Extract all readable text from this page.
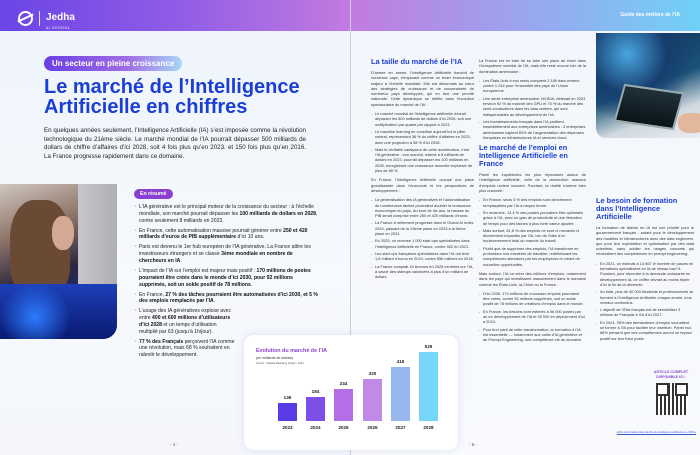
Jedha
AI SCHOOL
Un secteur en pleine croissance
Le marché de l’Intelligence Artificielle en chiffres

En quelques années seulement, l’Intelligence Artificielle (IA) s’est imposée comme la révolution technologique du 21ème siècle. Le marché mondial de l’IA pourrait dépasser 500 milliards de dollars de chiffre d’affaires d’ici 2028, soit 4 fois plus qu’en 2023. et 150 fois plus qu’en 2016. La France progresse rapidement dans ce domaine.

En résumé
· L’IA générative est le principal moteur de la croissance du secteur : à l’échelle mondiale, son marché pourrait dépasser les 100 milliards de dollars en 2028, contre seulement 8 milliards en 2023.
· En France, cette automatisation massive pourrait générer entre 250 et 420 milliards d’euros de PIB supplémentaire d’ici 10 ans.
· Paris est devenu le 1er hub européen de l’IA générative. La France attire les investisseurs étrangers et se classe 3ème mondiale en nombre de chercheurs en IA.
· L’impact de l’IA sur l’emploi est majeur mais positif : 170 millions de postes pourraient être créés dans le monde d’ici 2030, pour 92 millions supprimés, soit un solde positif de 78 millions.
· En France, 27 % des tâches pourraient être automatisées d’ici 2030, et 5 % des emplois remplacés par l’IA.
· L’usage des IA génératives explose avec entre 400 et 600 millions d’utilisateurs d’ici 2028 et un temps d’utilisation multiplié par 63 (jusqu’à 1h/jour).
· 77 % des Français perçoivent l’IA comme une révolution, mais 68 % souhaitent en ralentir le développement.
- 4 -
Guide des métiers de l’IA
La taille du marché de l’IA

D’année en année, l’Intelligence Artificielle franchit de nouveaux caps, s’imposant comme un levier économique majeur à l’échelle mondiale. Elle est désormais au cœur des stratégies de croissance et de souveraineté de nombreux pays développés, qui en font une priorité nationale. Cette dynamique se reflète dans l’évolution spectaculaire du marché de l’IA :

- Le marché mondial de l’intelligence artificielle devrait dépasser les 500 milliards de dollars d’ici 2028, soit une multiplication par quatre par rapport à 2023.
- Le machine learning en constitue aujourd’hui le pilier central, représentant 38 % du chiffre d’affaires en 2023, avec une projection à 58 % d’ici 2028.
- Mais le véritable catalyseur de cette accélération, c’est l’IA générative : son marché, estimé à 8 milliards de dollars en 2023, pourrait dépasser les 100 milliards en 2028, enregistrant une croissance annuelle explosive de plus de 65 %.

En France, l’Intelligence Artificielle occupe une place grandissante dans l’économie et les perspectives de développement :

- La généralisation des IA génératives et l’automatisation de nombreuses tâches pourraient doubler la croissance économique du pays. Au bout de dix ans, la hausse du PIB serait comprise entre 250 et 420 milliards d’euros.
- La France a nettement progressé dans le Global AI Index 2024, passant de la 13ème place en 2023 à la 5ème place en 2024.
- En 2025, on recense 1 000 start-ups spécialisées dans l’Intelligence Artificielle en France, contre 502 en 2021.
- Les start-ups françaises spécialisées dans l’IA ont levé 1,6 milliard d’euros en 2024, contre 556 millions en 2018.
- La France comptait 16 licornes en 2025 centrées sur l’IA, à savoir des startups valorisées à plus d’un milliard de dollars.

La France est en train de se faire une place de choix dans l’écosystème mondial de l’IA, mais elle reste encore loin de la domination américaine :

- Les États-Unis à eux seuls comptent 2 189 data centers contre 1 244 pour l’ensemble des pays de l’Union européenne.
- Une seule entreprise américaine, NVIDIA, détenait en 2023 environ 92 % du marché des GPU et 75 % du marché des semi-conducteurs dans les data centers, qui sont indispensables au développement de l’IA.
- Les investissements français dans l’IA profitent essentiellement aux entreprises américaines : 3 entreprises américaines captent 83% de l’augmentation des dépenses françaises en infrastructures IA et services cloud.
Le marché de l’emploi en Intelligence Artificielle en France

Parmi les inquiétudes les plus répandues autour de l’intelligence artificielle, celle de la destruction massive d’emplois revient souvent. Pourtant, la réalité s’arrime bien plus nuancée :

- En France, seuls 5 % des emplois sont directement remplaçables par l’IA à moyen terme.
- En revanche, 13,4 % des postes pourraient être optimisés grâce à l’IA, avec un gain de productivité et une libération de temps pour des tâches à plus forte valeur ajoutée.
- Mais surtout, 81,6 % des emplois ne sont ni menacés ni directement impactés par l’IA, loin de l’idée d’un bouleversement total du marché du travail.
- Plutôt que de supprimer des emplois, l’IA transforme en profondeur nos manières de travailler, redéfinissant les compétences attendues par les employeurs et créant de nouvelles opportunités.

Mais surtout, l’IA va créer des millions d’emplois, notamment dans les pays qui investissent massivement dans le domaine comme les États-Unis, la Chine ou la France :

- D’ici 2030, 170 millions de nouveaux emplois pourraient être créés, contre 92 millions supprimés, soit un solde positif de 78 millions de créations d’emploi dans le monde.
- En France, les besoins sont estimés à 56 000 postes par an en développement de l’IA et 25 000 en déploiement d’ici à 2024.
- Pour tirer parti de cette transformation, la formation à l’IA est essentielle — notamment aux outils d’IA générative et au Prompt Engineering, une compétence clé du domaine.
Le besoin de formation dans l’Intelligence Artificielle

La formation de talents en IA est une priorité pour le gouvernement français : autant pour le développement des modèles et infrastructures avec des data engineers, que pour leur exploitation et optimisation par des data scientists, sans oublier les usages courants qui nécessitent des compétences en prompt engineering.

- En 2021, on estimait à 14 667 le nombre de places en formations spécialisées en IA de niveau bac+3. Pourtant, pour répondre à la demande croissante en développement IA, ce chiffre devrait au moins tripler d’ici la fin de la décennie.
- Au total, plus de 40 000 étudiants et professionnels se forment à l’Intelligence Artificielle chaque année, tous niveaux confondus.
- L’objectif de l’État français est de sensibiliser 3 millions de Français à l’IA d’ici 2027.
- En 2024, 35% des demandeurs d’emploi souhaitent se former à l’IA pour faciliter leur insertion. Parmi eux, 86% pensent que ces compétences auront un impact positif sur leur futur poste.
ARTICLE COMPLET DISPONIBLE ICI :
jedha.co/formation-ia/le-marche-de-lintelligence-artificielle-en-chiffres
- 5 -
Evolution du marché de l’IA
(en milliards de dollars)
Source : Statista Marketing Insight - 2024
136
2023
184
2024
244
2025
320
2026
416
2027
529
2028
